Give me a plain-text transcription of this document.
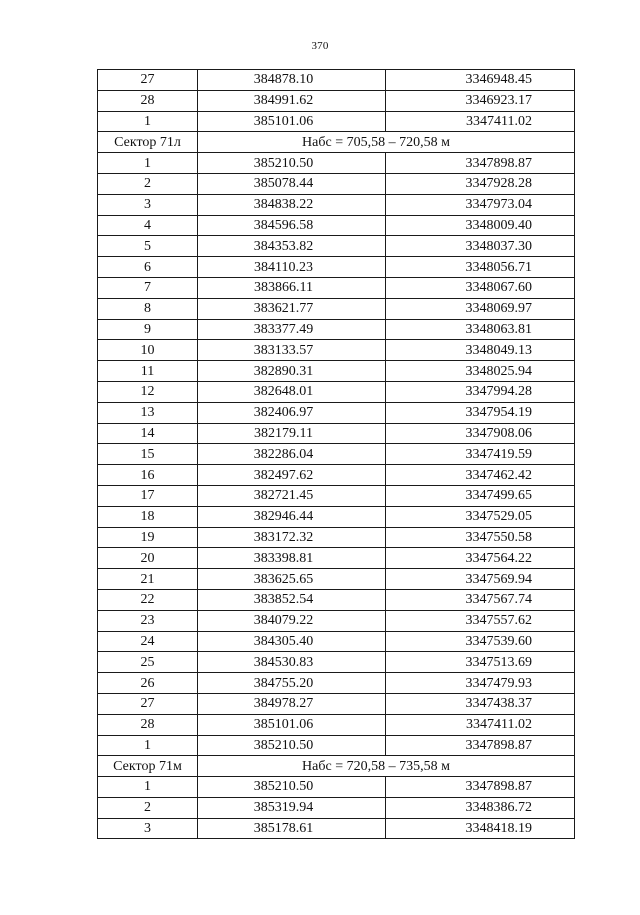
370
27	384878.10	3346948.45
28	384991.62	3346923.17
1	385101.06	3347411.02
Сектор 71л	Набс = 705,58 – 720,58 м	
1	385210.50	3347898.87
2	385078.44	3347928.28
3	384838.22	3347973.04
4	384596.58	3348009.40
5	384353.82	3348037.30
6	384110.23	3348056.71
7	383866.11	3348067.60
8	383621.77	3348069.97
9	383377.49	3348063.81
10	383133.57	3348049.13
11	382890.31	3348025.94
12	382648.01	3347994.28
13	382406.97	3347954.19
14	382179.11	3347908.06
15	382286.04	3347419.59
16	382497.62	3347462.42
17	382721.45	3347499.65
18	382946.44	3347529.05
19	383172.32	3347550.58
20	383398.81	3347564.22
21	383625.65	3347569.94
22	383852.54	3347567.74
23	384079.22	3347557.62
24	384305.40	3347539.60
25	384530.83	3347513.69
26	384755.20	3347479.93
27	384978.27	3347438.37
28	385101.06	3347411.02
1	385210.50	3347898.87
Сектор 71м	Набс = 720,58 – 735,58 м	
1	385210.50	3347898.87
2	385319.94	3348386.72
3	385178.61	3348418.19
